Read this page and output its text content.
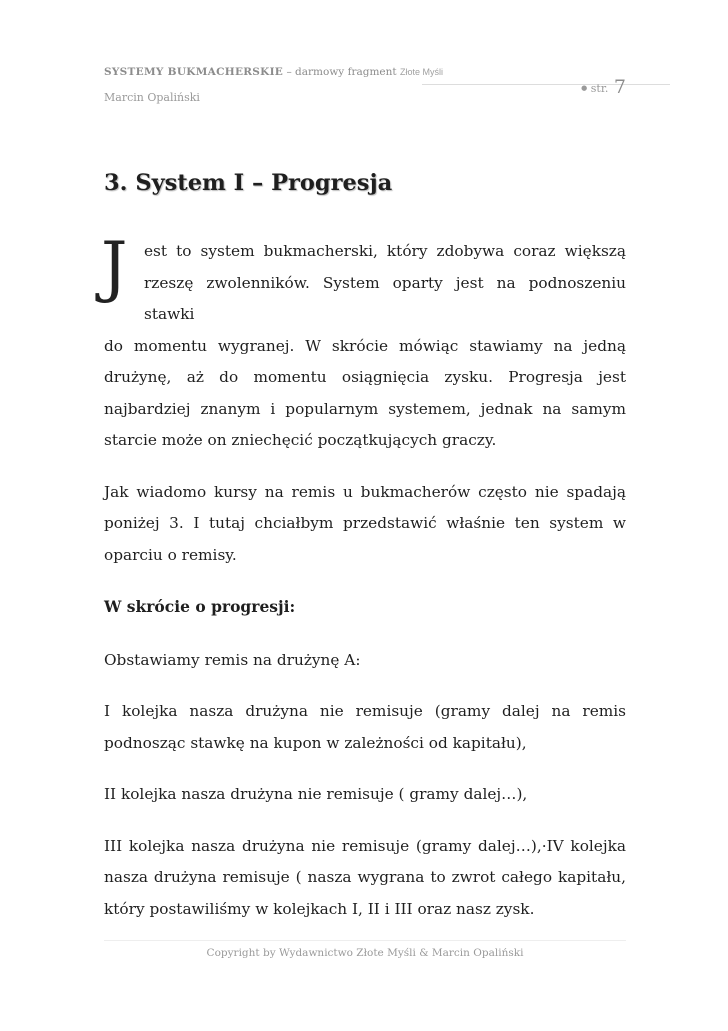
SYSTEMY BUKMACHERSKIE – darmowy fragment Złote Myśli
● str. 7
Marcin Opaliński
3. System I – Progresja
J est to system bukmacherski, który zdobywa coraz większą
rzeszę zwolenników. System oparty jest na podnoszeniu stawki
do momentu wygranej. W skrócie mówiąc stawiamy na jedną drużynę, aż do momentu osiągnięcia zysku. Progresja jest najbardziej znanym i popularnym systemem, jednak na samym starcie może on zniechęcić początkujących graczy.

Jak wiadomo kursy na remis u bukmacherów często nie spadają poniżej 3. I tutaj chciałbym przedstawić właśnie ten system w oparciu o remisy.

W skrócie o progresji:

Obstawiamy remis na drużynę A:

I kolejka nasza drużyna nie remisuje (gramy dalej na remis podnosząc stawkę na kupon w zależności od kapitału),

II kolejka nasza drużyna nie remisuje ( gramy dalej…),

III kolejka nasza drużyna nie remisuje (gramy dalej…),·IV kolejka nasza drużyna remisuje ( nasza wygrana to zwrot całego kapitału, który postawiliśmy w kolejkach I, II i III oraz nasz zysk.

Copyright by Wydawnictwo Złote Myśli & Marcin Opaliński
